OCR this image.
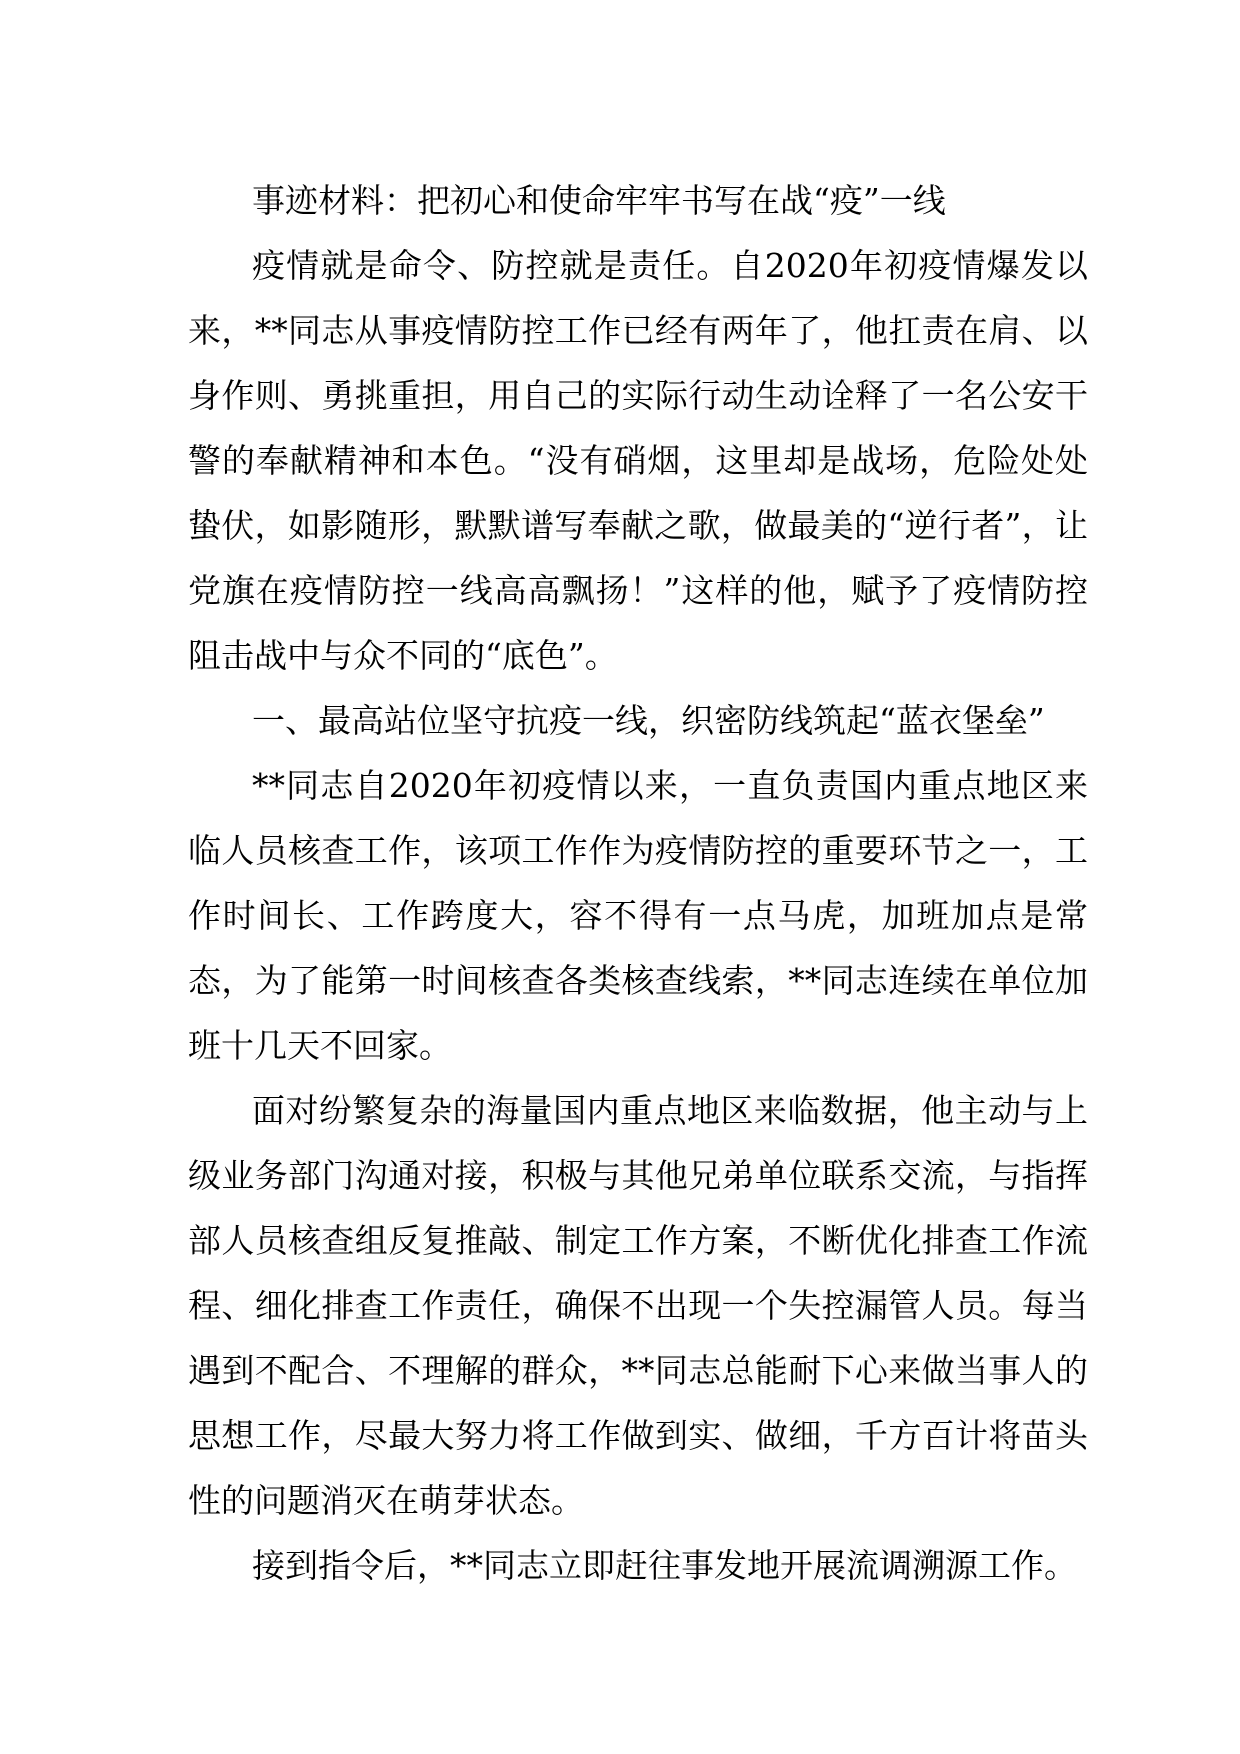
事迹材料：把初心和使命牢牢书写在战“疫”一线

疫情就是命令、防控就是责任。自2020年初疫情爆发以来，**同志从事疫情防控工作已经有两年了，他扛责在肩、以身作则、勇挑重担，用自己的实际行动生动诠释了一名公安干警的奉献精神和本色。“没有硝烟，这里却是战场，危险处处蛰伏，如影随形，默默谱写奉献之歌，做最美的“逆行者”，让党旗在疫情防控一线高高飘扬！”这样的他，赋予了疫情防控阻击战中与众不同的“底色”。

一、最高站位坚守抗疫一线，织密防线筑起“蓝衣堡垒”

**同志自2020年初疫情以来，一直负责国内重点地区来临人员核查工作，该项工作作为疫情防控的重要环节之一，工作时间长、工作跨度大，容不得有一点马虎，加班加点是常态，为了能第一时间核查各类核查线索，**同志连续在单位加班十几天不回家。

面对纷繁复杂的海量国内重点地区来临数据，他主动与上级业务部门沟通对接，积极与其他兄弟单位联系交流，与指挥部人员核查组反复推敲、制定工作方案，不断优化排查工作流程、细化排查工作责任，确保不出现一个失控漏管人员。每当遇到不配合、不理解的群众，**同志总能耐下心来做当事人的思想工作，尽最大努力将工作做到实、做细，千方百计将苗头性的问题消灭在萌芽状态。

接到指令后，**同志立即赶往事发地开展流调溯源工作。
